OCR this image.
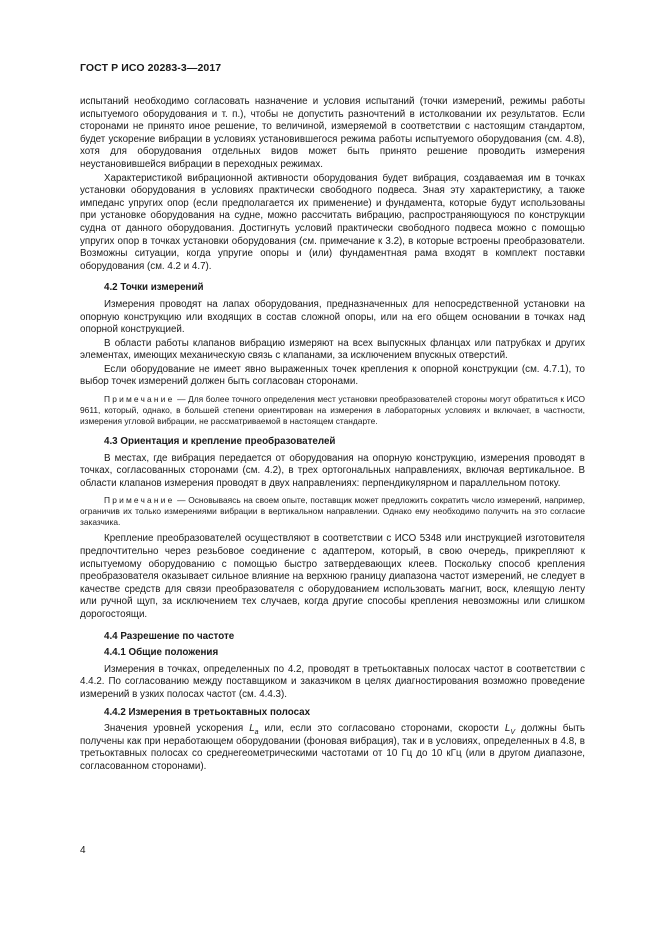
ГОСТ Р ИСО 20283-3—2017

испытаний необходимо согласовать назначение и условия испытаний (точки измерений, режимы работы испытуемого оборудования и т. п.), чтобы не допустить разночтений в истолковании их результатов. Если сторонами не принято иное решение, то величиной, измеряемой в соответствии с настоящим стандартом, будет ускорение вибрации в условиях установившегося режима работы испытуемого оборудования (см. 4.8), хотя для оборудования отдельных видов может быть принято решение проводить измерения неустановившейся вибрации в переходных режимах.

Характеристикой вибрационной активности оборудования будет вибрация, создаваемая им в точках установки оборудования в условиях практически свободного подвеса. Зная эту характеристику, а также импеданс упругих опор (если предполагается их применение) и фундамента, которые будут использованы при установке оборудования на судне, можно рассчитать вибрацию, распространяющуюся по конструкции судна от данного оборудования. Достигнуть условий практически свободного подвеса можно с помощью упругих опор в точках установки оборудования (см. примечание к 3.2), в которые встроены преобразователи. Возможны ситуации, когда упругие опоры и (или) фундаментная рама входят в комплект поставки оборудования (см. 4.2 и 4.7).

4.2 Точки измерений

Измерения проводят на лапах оборудования, предназначенных для непосредственной установки на опорную конструкцию или входящих в состав сложной опоры, или на его общем основании в точках над опорной конструкцией.

В области работы клапанов вибрацию измеряют на всех выпускных фланцах или патрубках и других элементах, имеющих механическую связь с клапанами, за исключением впускных отверстий.

Если оборудование не имеет явно выраженных точек крепления к опорной конструкции (см. 4.7.1), то выбор точек измерений должен быть согласован сторонами.

Примечание — Для более точного определения мест установки преобразователей стороны могут обратиться к ИСО 9611, который, однако, в большей степени ориентирован на измерения в лабораторных условиях и включает, в частности, измерения угловой вибрации, не рассматриваемой в настоящем стандарте.

4.3 Ориентация и крепление преобразователей

В местах, где вибрация передается от оборудования на опорную конструкцию, измерения проводят в точках, согласованных сторонами (см. 4.2), в трех ортогональных направлениях, включая вертикальное. В области клапанов измерения проводят в двух направлениях: перпендикулярном и параллельном потоку.

Примечание — Основываясь на своем опыте, поставщик может предложить сократить число измерений, например, ограничив их только измерениями вибрации в вертикальном направлении. Однако ему необходимо получить на это согласие заказчика.

Крепление преобразователей осуществляют в соответствии с ИСО 5348 или инструкцией изготовителя предпочтительно через резьбовое соединение с адаптером, который, в свою очередь, прикрепляют к испытуемому оборудованию с помощью быстро затвердевающих клеев. Поскольку способ крепления преобразователя оказывает сильное влияние на верхнюю границу диапазона частот измерений, не следует в качестве средств для связи преобразователя с оборудованием использовать магнит, воск, клеящую ленту или ручной щуп, за исключением тех случаев, когда другие способы крепления невозможны или слишком дорогостоящи.

4.4 Разрешение по частоте
4.4.1 Общие положения

Измерения в точках, определенных по 4.2, проводят в третьоктавных полосах частот в соответствии с 4.4.2. По согласованию между поставщиком и заказчиком в целях диагностирования возможно проведение измерений в узких полосах частот (см. 4.4.3).

4.4.2 Измерения в третьоктавных полосах

Значения уровней ускорения $L_a$ или, если это согласовано сторонами, скорости $L_V$ должны быть получены как при неработающем оборудовании (фоновая вибрация), так и в условиях, определенных в 4.8, в третьоктавных полосах со среднегеометрическими частотами от 10 Гц до 10 кГц (или в другом диапазоне, согласованном сторонами).

4
